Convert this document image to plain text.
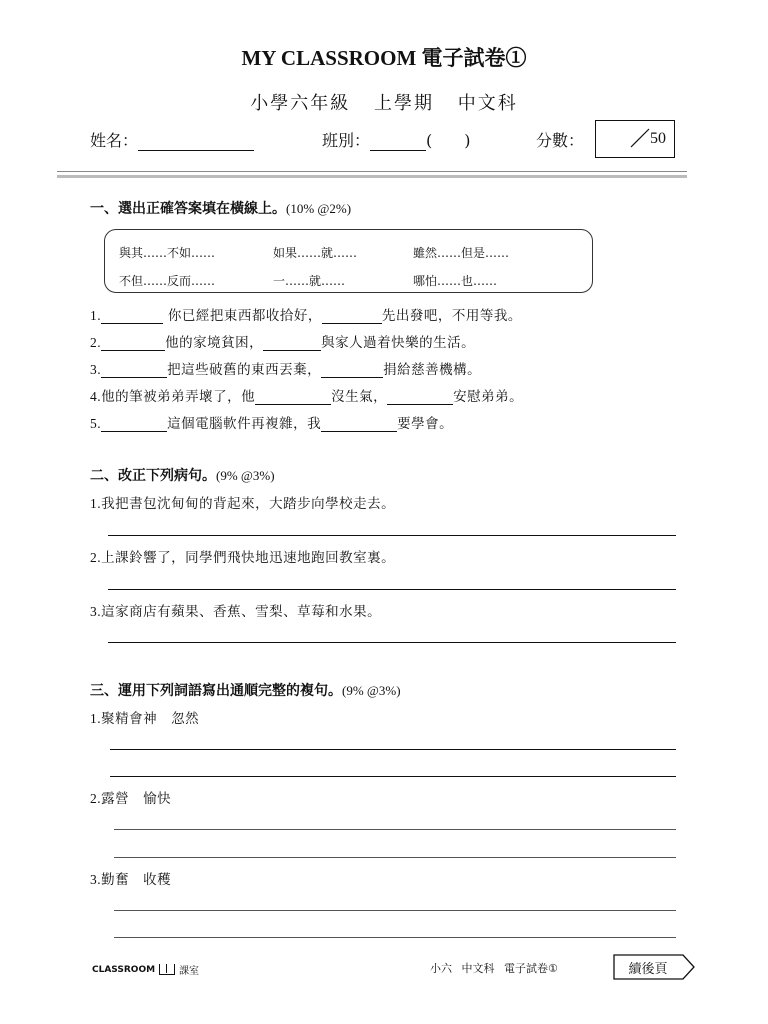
MY CLASSROOM 電子試卷①
小學六年級 上學期 中文科
姓名：	班別：	(　　)	分數：	50
一、選出正確答案填在橫線上。(10% @2%)
與其……不如……	如果……就……	雖然……但是……
不但……反而……	一……就……	哪怕……也……
1.	你已經把東西都收拾好，	先出發吧，不用等我。
2.	他的家境貧困，	與家人過着快樂的生活。
3.	把這些破舊的東西丟棄，	捐給慈善機構。
4.他的筆被弟弟弄壞了，他	沒生氣，	安慰弟弟。
5.	這個電腦軟件再複雜，我	要學會。
二、改正下列病句。(9% @3%)
1.我把書包沈甸甸的背起來，大踏步向學校走去。
2.上課鈴響了，同學們飛快地迅速地跑回教室裏。
3.這家商店有蘋果、香蕉、雪梨、草莓和水果。
三、運用下列詞語寫出通順完整的複句。(9% @3%)
1.聚精會神　忽然
2.露營　愉快
3.勤奮　收穫
CLASSROOM 課室	小六 中文科 電子試卷①	續後頁
